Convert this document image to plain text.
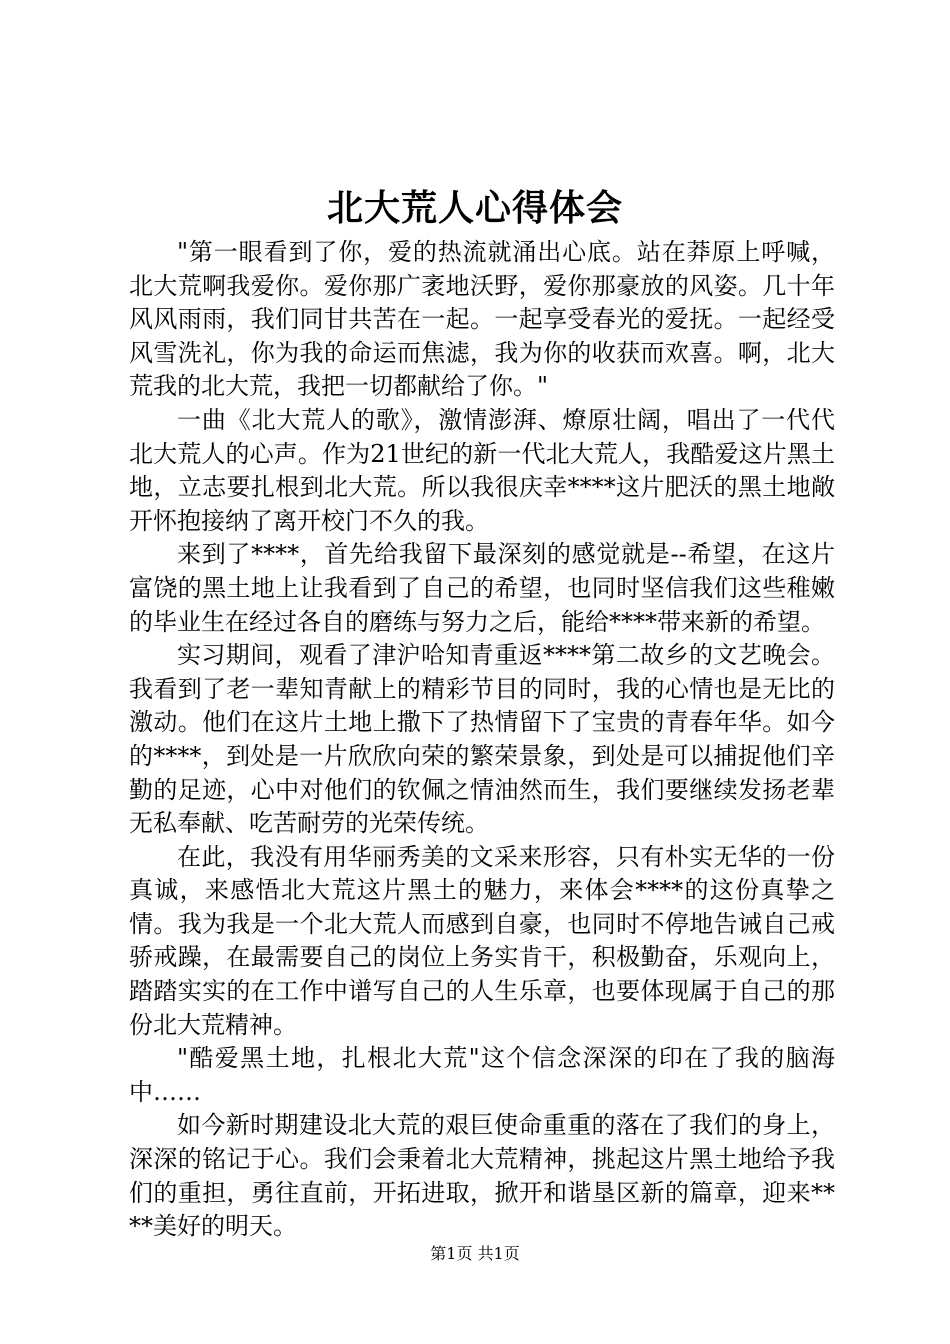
北大荒人心得体会

"第一眼看到了你，爱的热流就涌出心底。站在莽原上呼喊，北大荒啊我爱你。爱你那广袤地沃野，爱你那豪放的风姿。几十年风风雨雨，我们同甘共苦在一起。一起享受春光的爱抚。一起经受风雪洗礼，你为我的命运而焦滤，我为你的收获而欢喜。啊，北大荒我的北大荒，我把一切都献给了你。"

一曲《北大荒人的歌》，激情澎湃、燎原壮阔，唱出了一代代北大荒人的心声。作为21世纪的新一代北大荒人，我酷爱这片黑土地，立志要扎根到北大荒。所以我很庆幸****这片肥沃的黑土地敞开怀抱接纳了离开校门不久的我。

来到了****，首先给我留下最深刻的感觉就是--希望，在这片富饶的黑土地上让我看到了自己的希望，也同时坚信我们这些稚嫩的毕业生在经过各自的磨练与努力之后，能给****带来新的希望。

实习期间，观看了津沪哈知青重返****第二故乡的文艺晚会。我看到了老一辈知青献上的精彩节目的同时，我的心情也是无比的激动。他们在这片土地上撒下了热情留下了宝贵的青春年华。如今的****，到处是一片欣欣向荣的繁荣景象，到处是可以捕捉他们辛勤的足迹，心中对他们的钦佩之情油然而生，我们要继续发扬老辈无私奉献、吃苦耐劳的光荣传统。

在此，我没有用华丽秀美的文采来形容，只有朴实无华的一份真诚，来感悟北大荒这片黑土的魅力，来体会****的这份真挚之情。我为我是一个北大荒人而感到自豪，也同时不停地告诫自己戒骄戒躁，在最需要自己的岗位上务实肯干，积极勤奋，乐观向上，踏踏实实的在工作中谱写自己的人生乐章，也要体现属于自己的那份北大荒精神。

"酷爱黑土地，扎根北大荒"这个信念深深的印在了我的脑海中……

如今新时期建设北大荒的艰巨使命重重的落在了我们的身上，深深的铭记于心。我们会秉着北大荒精神，挑起这片黑土地给予我们的重担，勇往直前，开拓进取，掀开和谐垦区新的篇章，迎来****美好的明天。

第1页 共1页
